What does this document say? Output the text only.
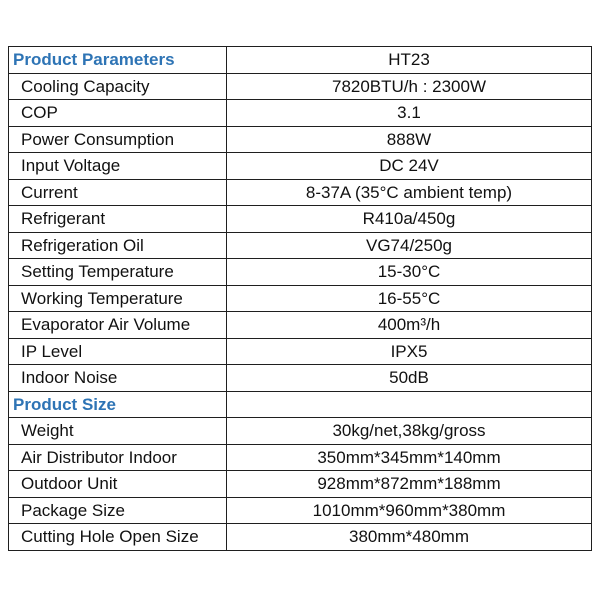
Product Parameters	HT23
Cooling Capacity	7820BTU/h : 2300W
COP	3.1
Power Consumption	888W
Input Voltage	DC 24V
Current	8-37A (35°C ambient temp)
Refrigerant	R410a/450g
Refrigeration Oil	VG74/250g
Setting Temperature	15-30°C
Working Temperature	16-55°C
Evaporator Air Volume	400m³/h
IP Level	IPX5
Indoor Noise	50dB
Product Size	
Weight	30kg/net,38kg/gross
Air Distributor Indoor	350mm*345mm*140mm
Outdoor Unit	928mm*872mm*188mm
Package Size	1010mm*960mm*380mm
Cutting Hole Open Size	380mm*480mm
